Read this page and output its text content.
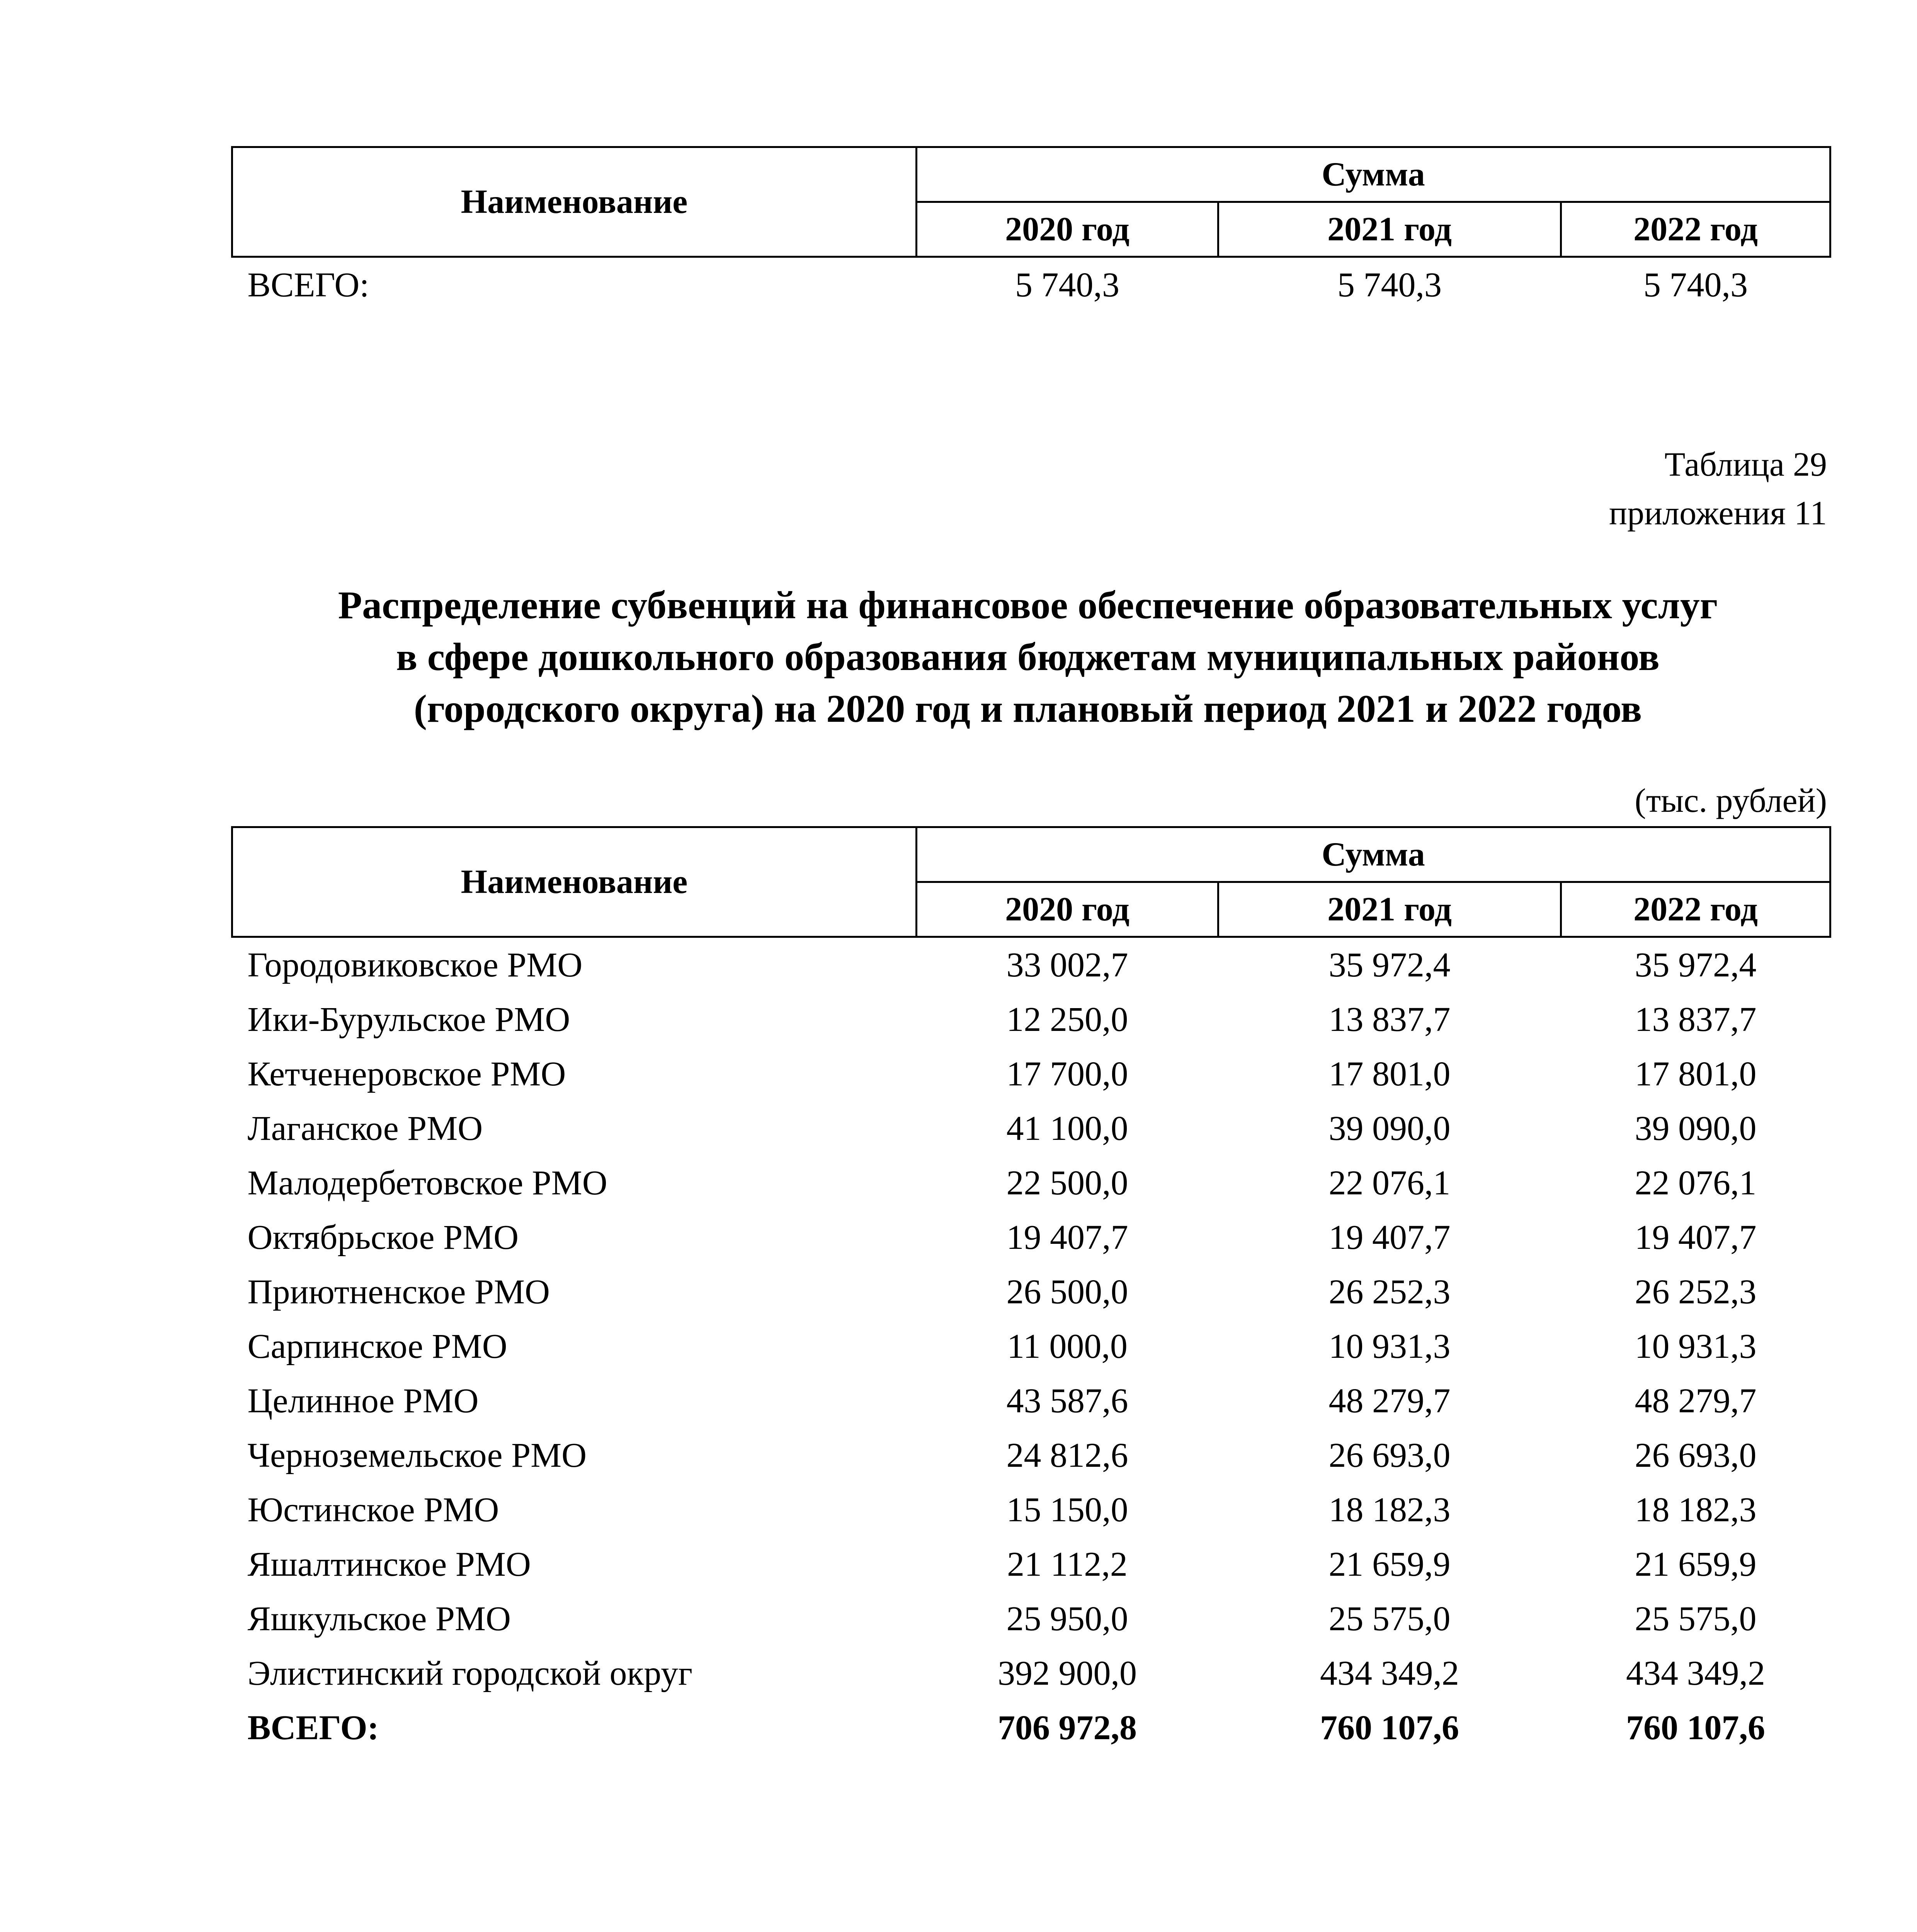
Наименование	Сумма		
	2020 год	2021 год	2022 год
ВСЕГО:	5 740,3	5 740,3	5 740,3
Таблица 29
приложения 11
Распределение субвенций на финансовое обеспечение образовательных услуг
в сфере дошкольного образования бюджетам муниципальных районов
(городского округа) на 2020 год и плановый период 2021 и 2022 годов
(тыс. рублей)
Наименование	Сумма		
	2020 год	2021 год	2022 год
Городовиковское РМО	33 002,7	35 972,4	35 972,4
Ики-Бурульское РМО	12 250,0	13 837,7	13 837,7
Кетченеровское РМО	17 700,0	17 801,0	17 801,0
Лаганское РМО	41 100,0	39 090,0	39 090,0
Малодербетовское РМО	22 500,0	22 076,1	22 076,1
Октябрьское РМО	19 407,7	19 407,7	19 407,7
Приютненское РМО	26 500,0	26 252,3	26 252,3
Сарпинское РМО	11 000,0	10 931,3	10 931,3
Целинное РМО	43 587,6	48 279,7	48 279,7
Черноземельское РМО	24 812,6	26 693,0	26 693,0
Юстинское РМО	15 150,0	18 182,3	18 182,3
Яшалтинское РМО	21 112,2	21 659,9	21 659,9
Яшкульское РМО	25 950,0	25 575,0	25 575,0
Элистинский городской округ	392 900,0	434 349,2	434 349,2
ВСЕГО:	706 972,8	760 107,6	760 107,6
